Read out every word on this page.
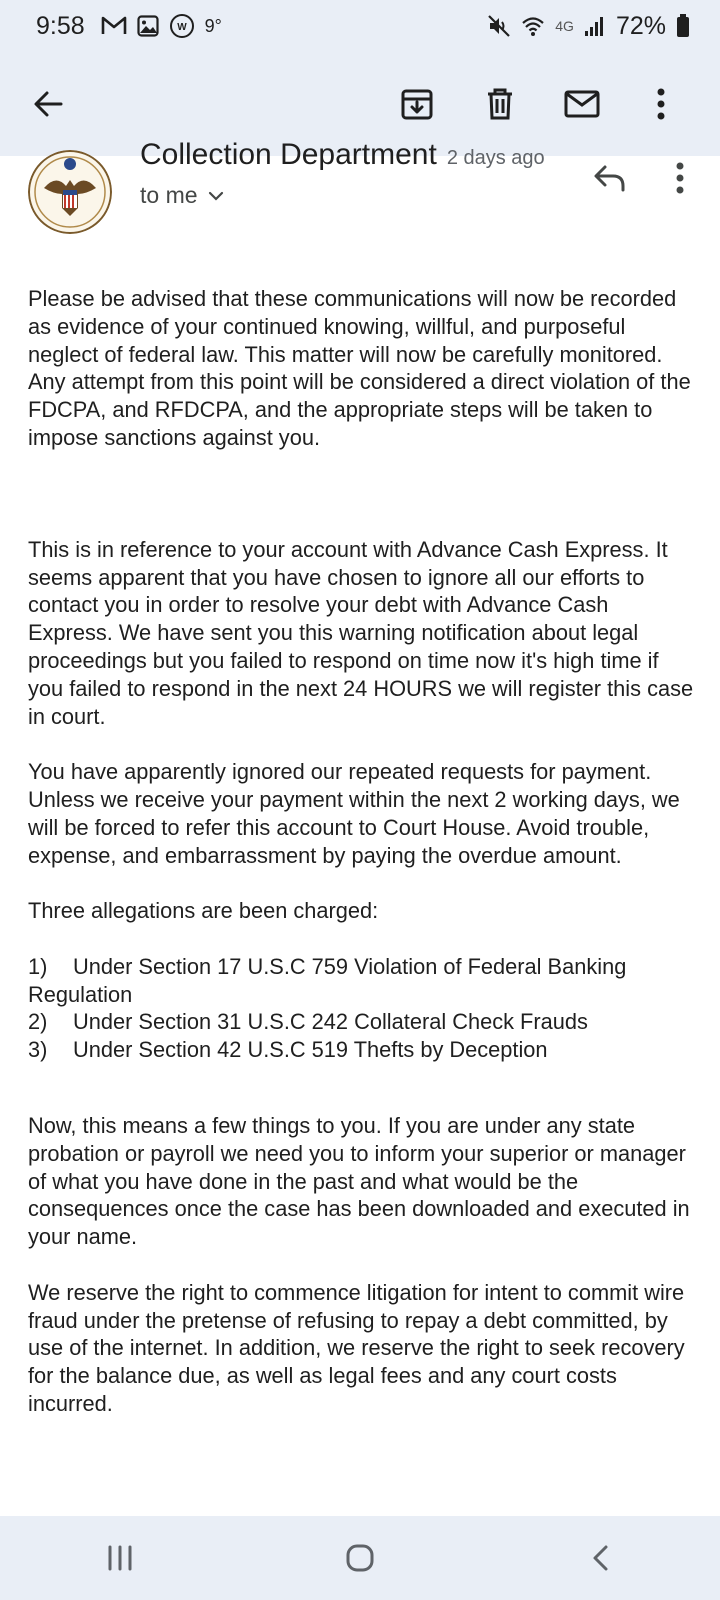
9:58	W 9°	4G 72%
Collection Department 2 days ago
to me

Please be advised that these communications will now be recorded as evidence of your continued knowing, willful, and purposeful neglect of federal law. This matter will now be carefully monitored. Any attempt from this point will be considered a direct violation of the FDCPA, and RFDCPA, and the appropriate steps will be taken to impose sanctions against you.

This is in reference to your account with Advance Cash Express. It seems apparent that you have chosen to ignore all our efforts to contact you in order to resolve your debt with Advance Cash Express. We have sent you this warning notification about legal proceedings but you failed to respond on time now it's high time if you failed to respond in the next 24 HOURS we will register this case in court.

You have apparently ignored our repeated requests for payment. Unless we receive your payment within the next 2 working days, we will be forced to refer this account to Court House. Avoid trouble, expense, and embarrassment by paying the overdue amount.

Three allegations are been charged:

1) Under Section 17 U.S.C 759 Violation of Federal Banking Regulation
2) Under Section 31 U.S.C 242 Collateral Check Frauds
3) Under Section 42 U.S.C 519 Thefts by Deception

Now, this means a few things to you. If you are under any state probation or payroll we need you to inform your superior or manager of what you have done in the past and what would be the consequences once the case has been downloaded and executed in your name.

We reserve the right to commence litigation for intent to commit wire fraud under the pretense of refusing to repay a debt committed, by use of the internet. In addition, we reserve the right to seek recovery for the balance due, as well as legal fees and any court costs incurred.
